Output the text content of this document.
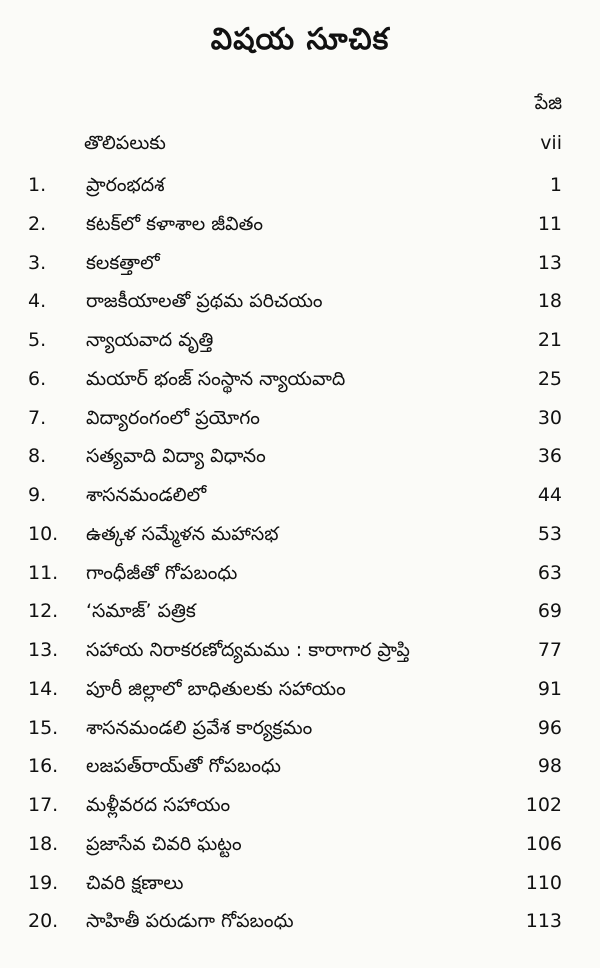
విషయ సూచిక
పేజి
తొలిపలుకు	vii
1.	ప్రారంభదశ	1
2.	కటక్‌లో కళాశాల జీవితం	11
3.	కలకత్తాలో	13
4.	రాజకీయాలతో ప్రథమ పరిచయం	18
5.	న్యాయవాద వృత్తి	21
6.	మయార్ భంజ్ సంస్థాన న్యాయవాది	25
7.	విద్యారంగంలో ప్రయోగం	30
8.	సత్యవాది విద్యా విధానం	36
9.	శాసనమండలిలో	44
10.	ఉత్కళ సమ్మేళన మహాసభ	53
11.	గాంధీజీతో గోపబంధు	63
12.	‘సమాజ్’ పత్రిక	69
13.	సహాయ నిరాకరణోద్యమము : కారాగార ప్రాప్తి	77
14.	పూరీ జిల్లాలో బాధితులకు సహాయం	91
15.	శాసనమండలి ప్రవేశ కార్యక్రమం	96
16.	లజపత్‌రాయ్‌తో గోపబంధు	98
17.	మళ్లీవరద సహాయం	102
18.	ప్రజాసేవ చివరి ఘట్టం	106
19.	చివరి క్షణాలు	110
20.	సాహితీ పరుడుగా గోపబంధు	113
